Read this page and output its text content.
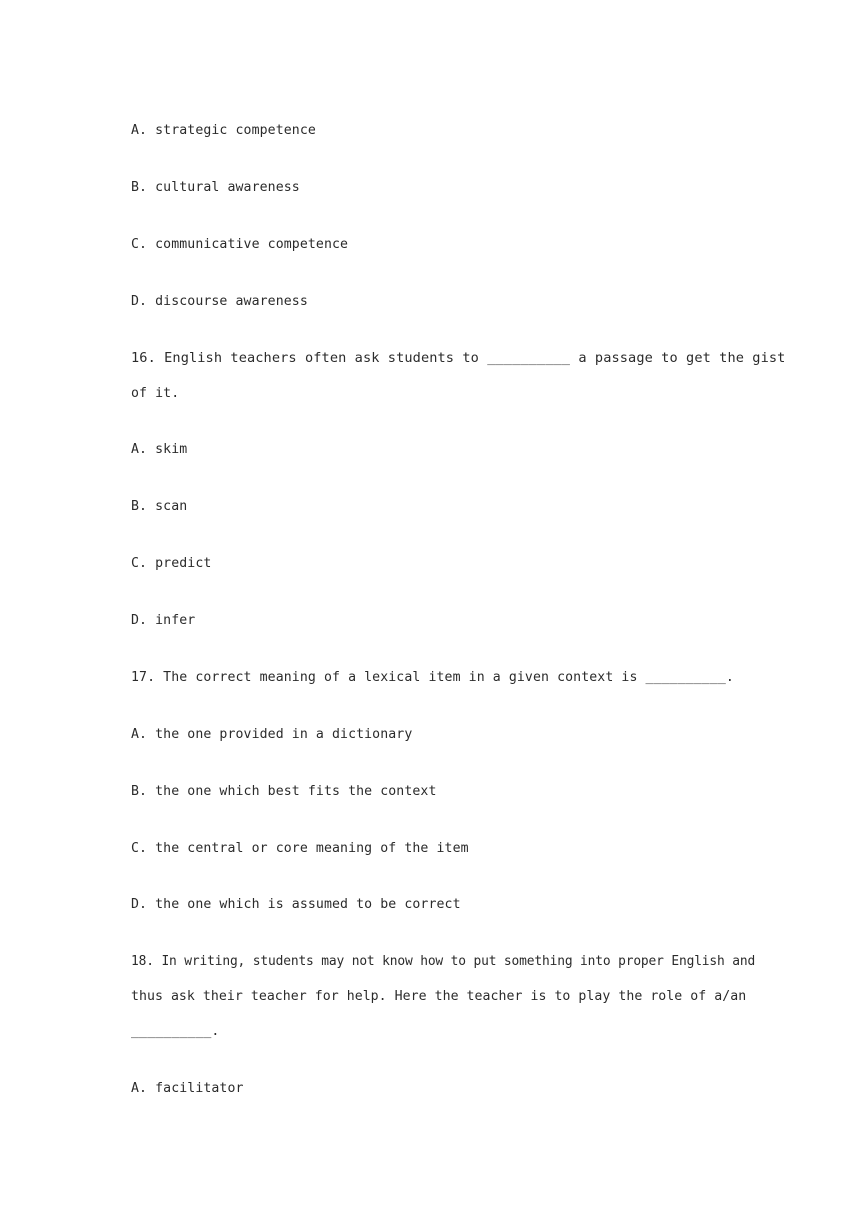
A. strategic competence
B. cultural awareness
C. communicative competence
D. discourse awareness
16. English teachers often ask students to __________ a passage to get the gist
of it.
A. skim
B. scan
C. predict
D. infer
17. The correct meaning of a lexical item in a given context is __________.
A. the one provided in a dictionary
B. the one which best fits the context
C. the central or core meaning of the item
D. the one which is assumed to be correct
18. In writing, students may not know how to put something into proper English and
thus ask their teacher for help. Here the teacher is to play the role of a/an
__________.
A. facilitator
